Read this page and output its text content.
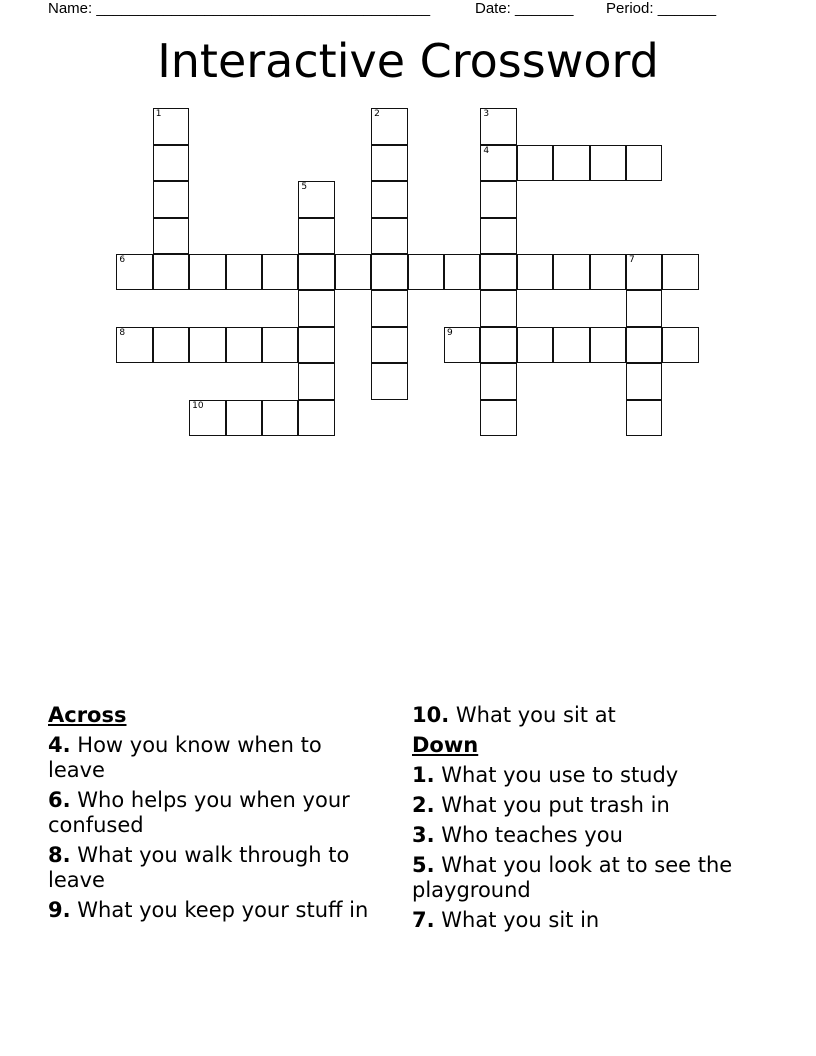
Name: ________________________________________	Date: _______ Period: _______
Interactive Crossword
1	2	3
4
5
6	7
8	9
10
Across
4. How you know when to leave
6. Who helps you when your confused
8. What you walk through to leave
9. What you keep your stuff in
10. What you sit at
Down
1. What you use to study
2. What you put trash in
3. Who teaches you
5. What you look at to see the playground
7. What you sit in
